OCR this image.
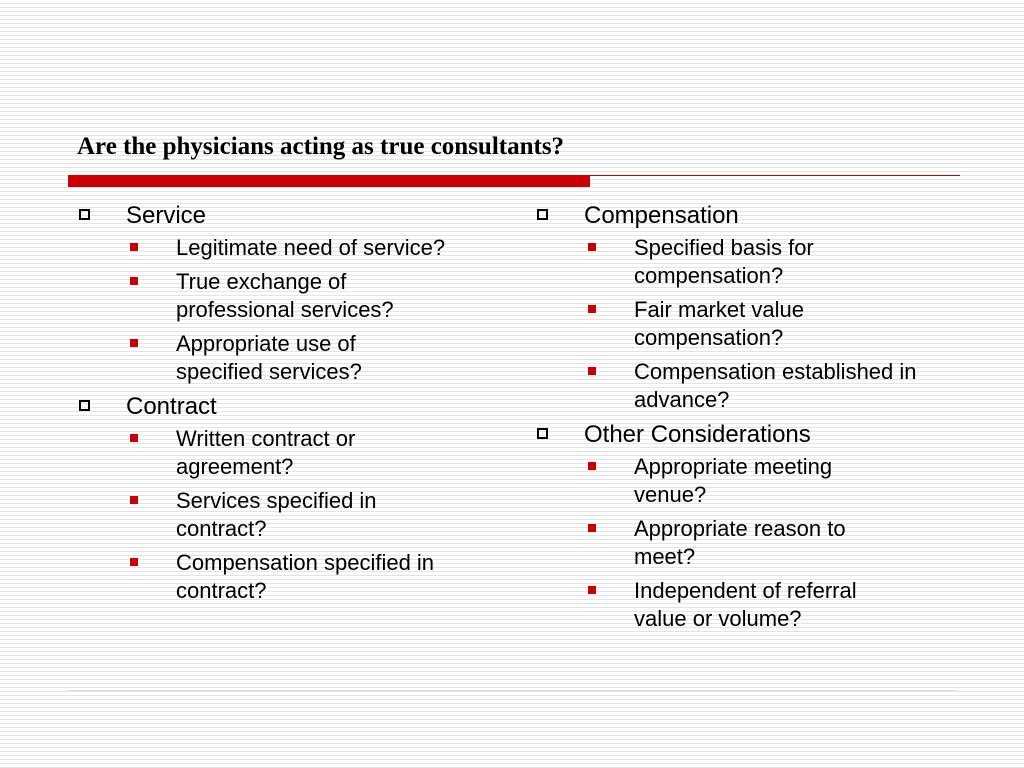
Are the physicians acting as true consultants?
Service
Legitimate need of service?
True exchange of professional services?
Appropriate use of specified services?
Contract
Written contract or agreement?
Services specified in contract?
Compensation specified in contract?
Compensation
Specified basis for compensation?
Fair market value compensation?
Compensation established in advance?
Other Considerations
Appropriate meeting venue?
Appropriate reason to meet?
Independent of referral value or volume?
